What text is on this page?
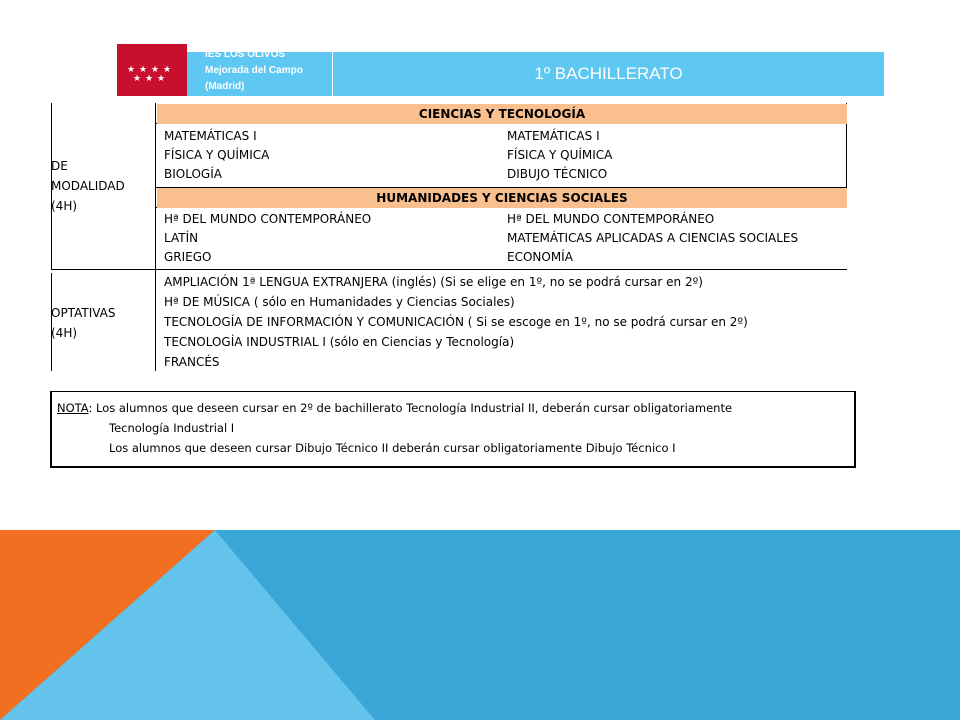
★ ★ ★ ★
★ ★ ★
IES LOS OLIVOS
Mejorada del Campo
(Madrid)
1º BACHILLERATO
DE
MODALIDAD
(4H)
CIENCIAS Y TECNOLOGÍA
MATEMÁTICAS I
FÍSICA Y QUÍMICA
BIOLOGÍA
MATEMÁTICAS I
FÍSICA Y QUÍMICA
DIBUJO TÉCNICO
HUMANIDADES Y CIENCIAS SOCIALES
Hª DEL MUNDO CONTEMPORÁNEO
LATÍN
GRIEGO
Hª DEL MUNDO CONTEMPORÁNEO
MATEMÁTICAS APLICADAS A CIENCIAS SOCIALES
ECONOMÍA
OPTATIVAS
(4H)
AMPLIACIÓN 1ª LENGUA EXTRANJERA (inglés) (Si se elige en 1º, no se podrá cursar en 2º)
Hª DE MÚSICA ( sólo en Humanidades y Ciencias Sociales)
TECNOLOGÍA DE INFORMACIÓN Y COMUNICACIÓN ( Si se escoge en 1º, no se podrá cursar en 2º)
TECNOLOGÍA INDUSTRIAL I (sólo en Ciencias y Tecnología)
FRANCÉS
NOTA: Los alumnos que deseen cursar en 2º de bachillerato Tecnología Industrial II, deberán cursar obligatoriamente
Tecnología Industrial I
Los alumnos que deseen cursar Dibujo Técnico II deberán cursar obligatoriamente Dibujo Técnico I
